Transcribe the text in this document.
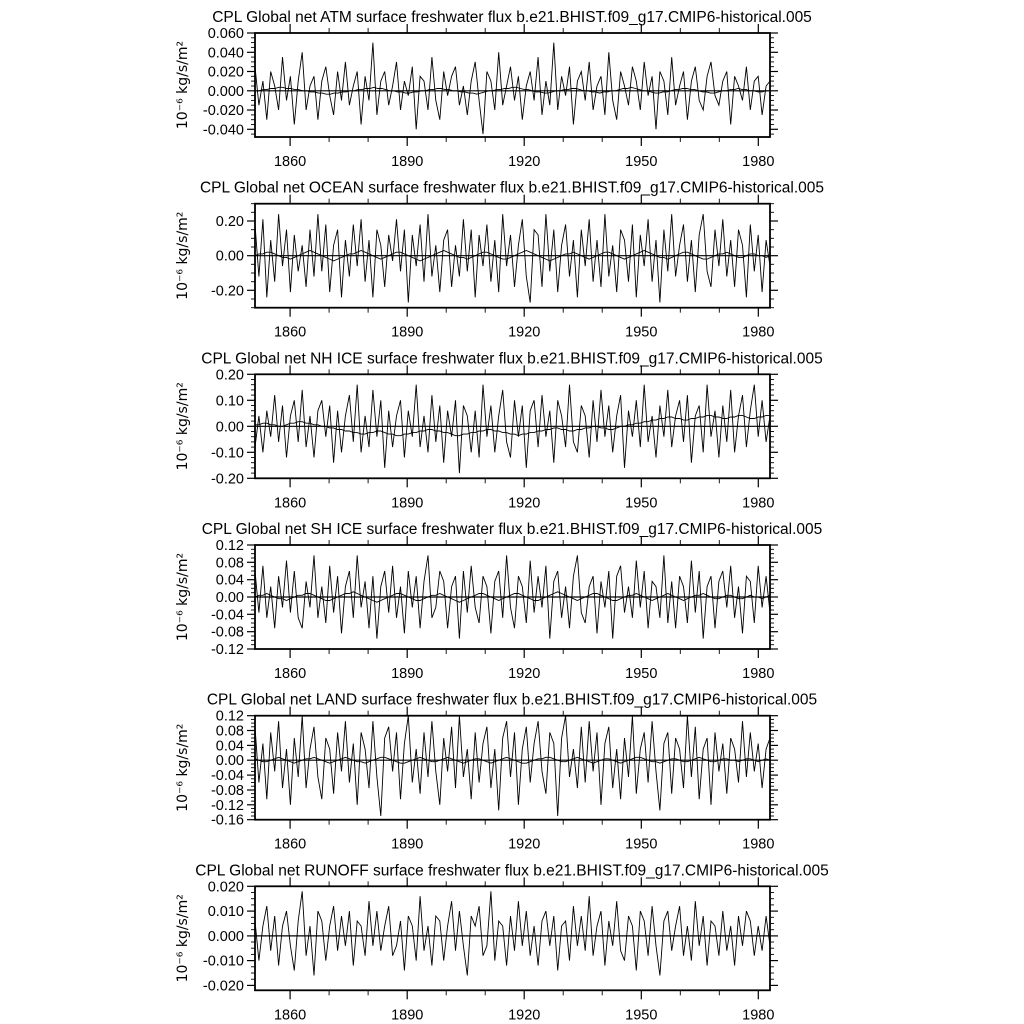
CPL Global net ATM surface freshwater flux b.e21.BHIST.f09_g17.CMIP6-historical.005
CPL Global net OCEAN surface freshwater flux b.e21.BHIST.f09_g17.CMIP6-historical.005
CPL Global net NH ICE surface freshwater flux b.e21.BHIST.f09_g17.CMIP6-historical.005
CPL Global net SH ICE surface freshwater flux b.e21.BHIST.f09_g17.CMIP6-historical.005
CPL Global net LAND surface freshwater flux b.e21.BHIST.f09_g17.CMIP6-historical.005
CPL Global net RUNOFF surface freshwater flux b.e21.BHIST.f09_g17.CMIP6-historical.005
0.060
0.040
0.020
0.000
-0.020
-0.040
1860	1890	1920	1950	1980
10⁻⁶ kg/s/m²
0.20
0.00
-0.20
1860	1890	1920	1950	1980
10⁻⁶ kg/s/m²
0.20
0.10
0.00
-0.10
-0.20
1860	1890	1920	1950	1980
10⁻⁶ kg/s/m²
0.12
0.08
0.04
0.00
-0.04
-0.08
-0.12
1860	1890	1920	1950	1980
10⁻⁶ kg/s/m²
0.12
0.08
0.04
0.00
-0.04
-0.08
-0.12
-0.16
1860	1890	1920	1950	1980
10⁻⁶ kg/s/m²
0.020
0.010
0.000
-0.010
-0.020
1860	1890	1920	1950	1980
10⁻⁶ kg/s/m²
